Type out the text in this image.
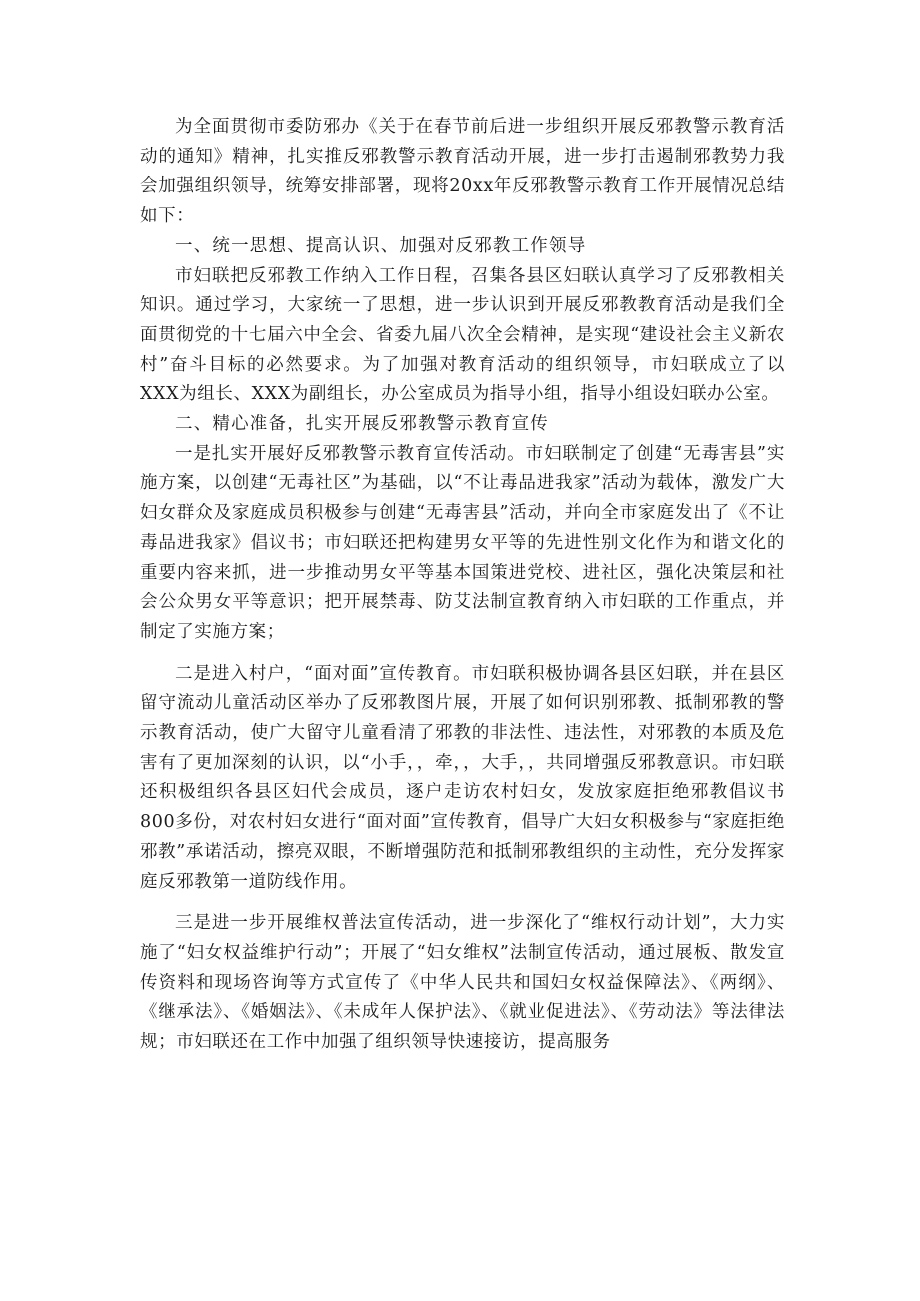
为全面贯彻市委防邪办《关于在春节前后进一步组织开展反邪教警示教育活动的通知》精神，扎实推反邪教警示教育活动开展，进一步打击遏制邪教势力我会加强组织领导，统筹安排部署，现将20xx年反邪教警示教育工作开展情况总结如下：

一、统一思想、提高认识、加强对反邪教工作领导

市妇联把反邪教工作纳入工作日程，召集各县区妇联认真学习了反邪教相关知识。通过学习，大家统一了思想，进一步认识到开展反邪教教育活动是我们全面贯彻党的十七届六中全会、省委九届八次全会精神，是实现“建设社会主义新农村”奋斗目标的必然要求。为了加强对教育活动的组织领导，市妇联成立了以XXX为组长、XXX为副组长，办公室成员为指导小组，指导小组设妇联办公室。

二、精心准备，扎实开展反邪教警示教育宣传

一是扎实开展好反邪教警示教育宣传活动。市妇联制定了创建“无毒害县”实施方案，以创建“无毒社区”为基础，以“不让毒品进我家”活动为载体，激发广大妇女群众及家庭成员积极参与创建“无毒害县”活动，并向全市家庭发出了《不让毒品进我家》倡议书；市妇联还把构建男女平等的先进性别文化作为和谐文化的重要内容来抓，进一步推动男女平等基本国策进党校、进社区，强化决策层和社会公众男女平等意识；把开展禁毒、防艾法制宣教育纳入市妇联的工作重点，并制定了实施方案；

二是进入村户，“面对面”宣传教育。市妇联积极协调各县区妇联，并在县区留守流动儿童活动区举办了反邪教图片展，开展了如何识别邪教、抵制邪教的警示教育活动，使广大留守儿童看清了邪教的非法性、违法性，对邪教的本质及危害有了更加深刻的认识，以“小手，，牵，，大手，，共同增强反邪教意识。市妇联还积极组织各县区妇代会成员，逐户走访农村妇女，发放家庭拒绝邪教倡议书800多份，对农村妇女进行“面对面”宣传教育，倡导广大妇女积极参与“家庭拒绝邪教”承诺活动，擦亮双眼，不断增强防范和抵制邪教组织的主动性，充分发挥家庭反邪教第一道防线作用。

三是进一步开展维权普法宣传活动，进一步深化了“维权行动计划”，大力实施了“妇女权益维护行动”；开展了“妇女维权”法制宣传活动，通过展板、散发宣传资料和现场咨询等方式宣传了《中华人民共和国妇女权益保障法》、《两纲》、《继承法》、《婚姻法》、《未成年人保护法》、《就业促进法》、《劳动法》等法律法规；市妇联还在工作中加强了组织领导快速接访，提高服务
